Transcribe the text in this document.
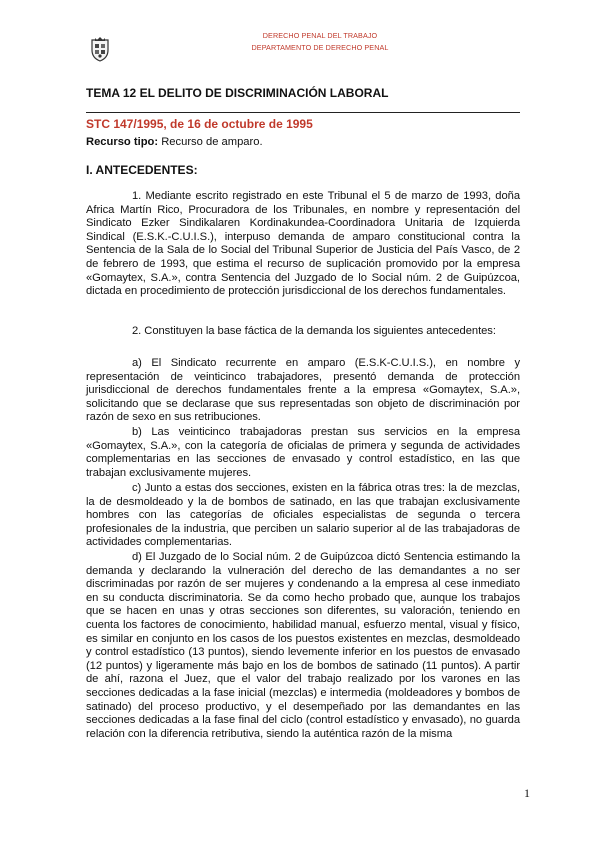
DERECHO PENAL DEL TRABAJO
DEPARTAMENTO DE DERECHO PENAL
TEMA 12 EL DELITO DE DISCRIMINACIÓN LABORAL
STC 147/1995, de 16 de octubre de 1995
Recurso tipo: Recurso de amparo.
I. ANTECEDENTES:
1. Mediante escrito registrado en este Tribunal el 5 de marzo de 1993, doña Africa Martín Rico, Procuradora de los Tribunales, en nombre y representación del Sindicato Ezker Sindikalaren Kordinakundea-Coordinadora Unitaria de Izquierda Sindical (E.S.K.-C.U.I.S.), interpuso demanda de amparo constitucional contra la Sentencia de la Sala de lo Social del Tribunal Superior de Justicia del País Vasco, de 2 de febrero de 1993, que estima el recurso de suplicación promovido por la empresa «Gomaytex, S.A.», contra Sentencia del Juzgado de lo Social núm. 2 de Guipúzcoa, dictada en procedimiento de protección jurisdiccional de los derechos fundamentales.
2. Constituyen la base fáctica de la demanda los siguientes antecedentes:
a) El Sindicato recurrente en amparo (E.S.K-C.U.I.S.), en nombre y representación de veinticinco trabajadores, presentó demanda de protección jurisdiccional de derechos fundamentales frente a la empresa «Gomaytex, S.A.», solicitando que se declarase que sus representadas son objeto de discriminación por razón de sexo en sus retribuciones.
b) Las veinticinco trabajadoras prestan sus servicios en la empresa «Gomaytex, S.A.», con la categoría de oficialas de primera y segunda de actividades complementarias en las secciones de envasado y control estadístico, en las que trabajan exclusivamente mujeres.
c) Junto a estas dos secciones, existen en la fábrica otras tres: la de mezclas, la de desmoldeado y la de bombos de satinado, en las que trabajan exclusivamente hombres con las categorías de oficiales especialistas de segunda o tercera profesionales de la industria, que perciben un salario superior al de las trabajadoras de actividades complementarias.
d) El Juzgado de lo Social núm. 2 de Guipúzcoa dictó Sentencia estimando la demanda y declarando la vulneración del derecho de las demandantes a no ser discriminadas por razón de ser mujeres y condenando a la empresa al cese inmediato en su conducta discriminatoria. Se da como hecho probado que, aunque los trabajos que se hacen en unas y otras secciones son diferentes, su valoración, teniendo en cuenta los factores de conocimiento, habilidad manual, esfuerzo mental, visual y físico, es similar en conjunto en los casos de los puestos existentes en mezclas, desmoldeado y control estadístico (13 puntos), siendo levemente inferior en los puestos de envasado (12 puntos) y ligeramente más bajo en los de bombos de satinado (11 puntos). A partir de ahí, razona el Juez, que el valor del trabajo realizado por los varones en las secciones dedicadas a la fase inicial (mezclas) e intermedia (moldeadores y bombos de satinado) del proceso productivo, y el desempeñado por las demandantes en las secciones dedicadas a la fase final del ciclo (control estadístico y envasado), no guarda relación con la diferencia retributiva, siendo la auténtica razón de la misma
1
